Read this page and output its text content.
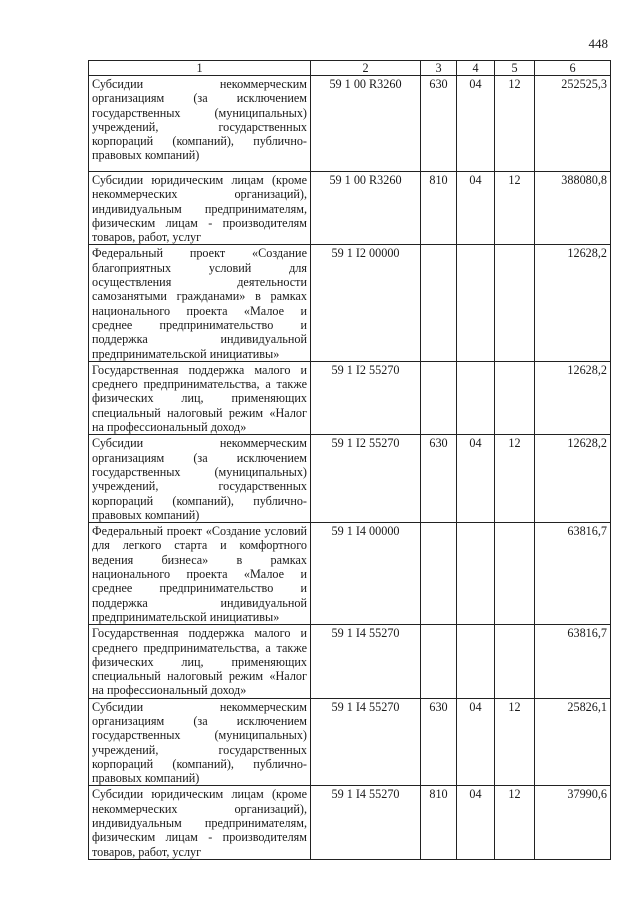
448
1	2	3	4	5	6
Субсидии некоммерческим организациям (за исключением государственных (муниципальных) учреждений, государственных корпораций (компаний), публично-правовых компаний)	59 1 00 R3260	630	04	12	252525,3
Субсидии юридическим лицам (кроме некоммерческих организаций), индивидуальным предпринимателям, физическим лицам - производителям товаров, работ, услуг	59 1 00 R3260	810	04	12	388080,8
Федеральный проект «Создание благоприятных условий для осуществления деятельности самозанятыми гражданами» в рамках национального проекта «Малое и среднее предпринимательство и поддержка индивидуальной предпринимательской инициативы»	59 1 I2 00000				12628,2
Государственная поддержка малого и среднего предпринимательства, а также физических лиц, применяющих специальный налоговый режим «Налог на профессиональный доход»	59 1 I2 55270				12628,2
Субсидии некоммерческим организациям (за исключением государственных (муниципальных) учреждений, государственных корпораций (компаний), публично-правовых компаний)	59 1 I2 55270	630	04	12	12628,2
Федеральный проект «Создание условий для легкого старта и комфортного ведения бизнеса» в рамках национального проекта «Малое и среднее предпринимательство и поддержка индивидуальной предпринимательской инициативы»	59 1 I4 00000				63816,7
Государственная поддержка малого и среднего предпринимательства, а также физических лиц, применяющих специальный налоговый режим «Налог на профессиональный доход»	59 1 I4 55270				63816,7
Субсидии некоммерческим организациям (за исключением государственных (муниципальных) учреждений, государственных корпораций (компаний), публично-правовых компаний)	59 1 I4 55270	630	04	12	25826,1
Субсидии юридическим лицам (кроме некоммерческих организаций), индивидуальным предпринимателям, физическим лицам - производителям товаров, работ, услуг	59 1 I4 55270	810	04	12	37990,6
